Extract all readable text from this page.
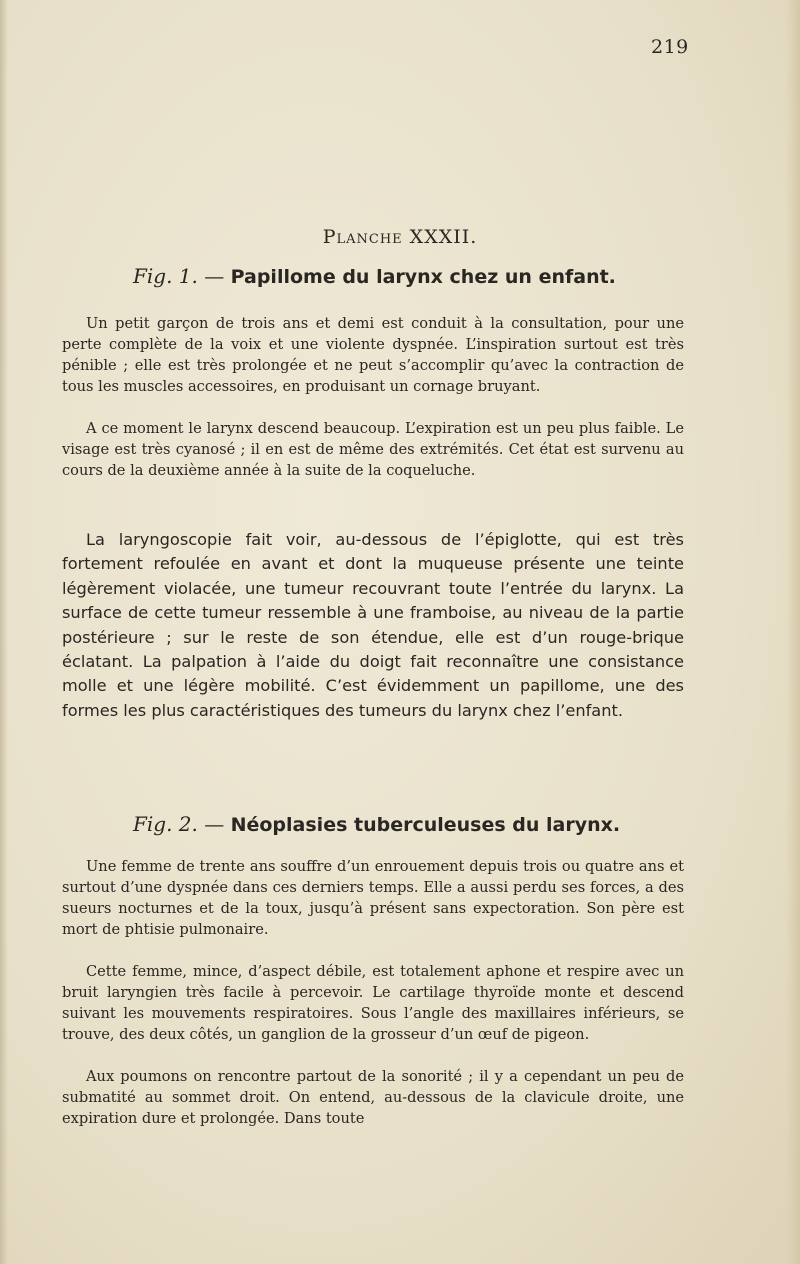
219
Planche XXXII.
Fig. 1. — Papillome du larynx chez un enfant.

Un petit garçon de trois ans et demi est conduit à la consultation, pour une perte complète de la voix et une violente dyspnée. L’inspiration surtout est très pénible ; elle est très prolongée et ne peut s’accomplir qu’avec la contraction de tous les muscles accessoires, en produisant un cornage bruyant.

A ce moment le larynx descend beaucoup. L’expiration est un peu plus faible. Le visage est très cyanosé ; il en est de même des extrémités. Cet état est survenu au cours de la deuxième année à la suite de la coqueluche.

La laryngoscopie fait voir, au-dessous de l’épiglotte, qui est très fortement refoulée en avant et dont la muqueuse présente une teinte légèrement violacée, une tumeur recouvrant toute l’entrée du larynx. La surface de cette tumeur ressemble à une framboise, au niveau de la partie postérieure ; sur le reste de son étendue, elle est d’un rouge-brique éclatant. La palpation à l’aide du doigt fait reconnaître une consistance molle et une légère mobilité. C’est évidemment un papillome, une des formes les plus caractéristiques des tumeurs du larynx chez l’enfant.

Fig. 2. — Néoplasies tuberculeuses du larynx.

Une femme de trente ans souffre d’un enrouement depuis trois ou quatre ans et surtout d’une dyspnée dans ces derniers temps. Elle a aussi perdu ses forces, a des sueurs nocturnes et de la toux, jusqu’à présent sans expectoration. Son père est mort de phtisie pulmonaire.

Cette femme, mince, d’aspect débile, est totalement aphone et respire avec un bruit laryngien très facile à percevoir. Le cartilage thyroïde monte et descend suivant les mouvements respiratoires. Sous l’angle des maxillaires inférieurs, se trouve, des deux côtés, un ganglion de la grosseur d’un œuf de pigeon.

Aux poumons on rencontre partout de la sonorité ; il y a cependant un peu de submatité au sommet droit. On entend, au-dessous de la clavicule droite, une expiration dure et prolongée. Dans toute
